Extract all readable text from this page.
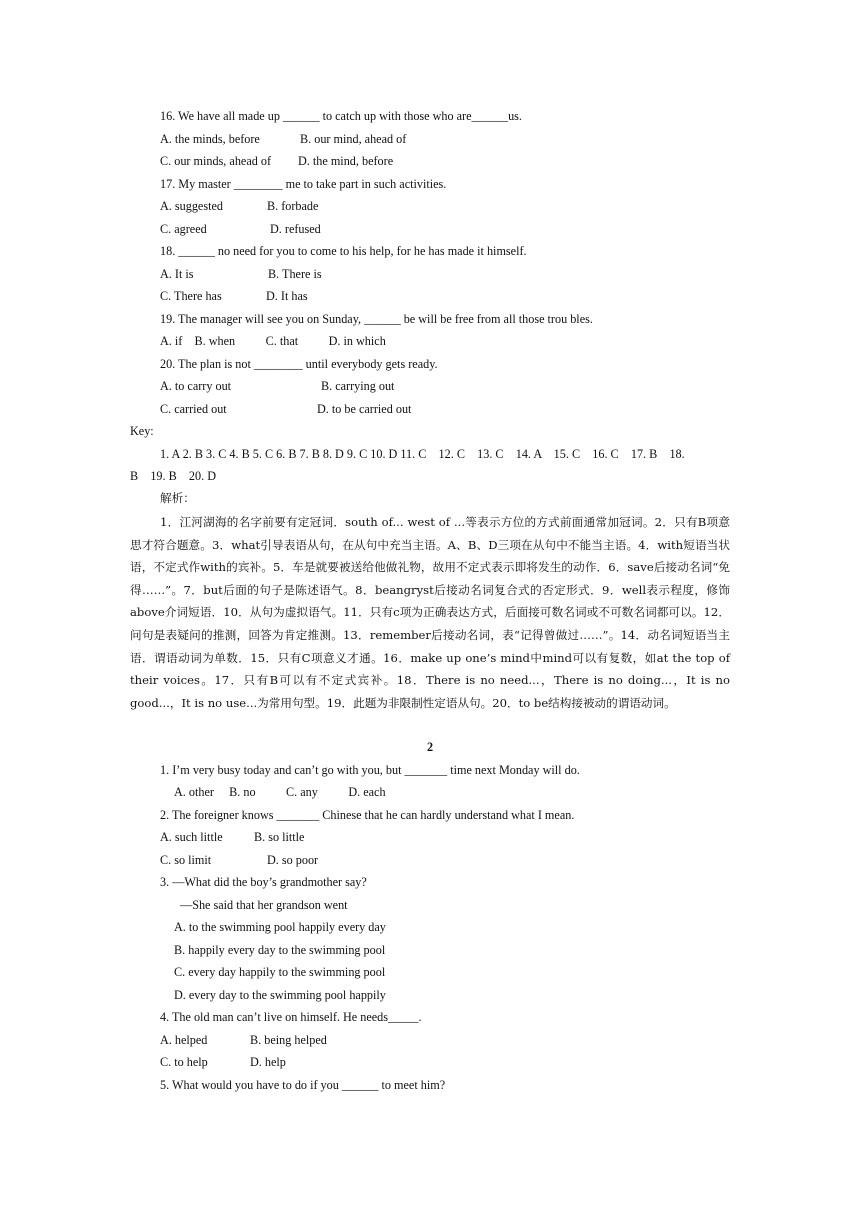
16. We have all made up ______ to catch up with those who are______us.
A. the minds, before	B. our mind, ahead of
C. our minds, ahead of D. the mind, before
17. My master ________ me to take part in such activities.
A. suggested	B. forbade
C. agreed	D. refused
18. ______ no need for you to come to his help, for he has made it himself.
A. It is	B. There is
C. There has	D. It has
19. The manager will see you on Sunday, ______ be will be free from all those trou bles.
A. if    B. when          C. that          D. in which
20. The plan is not ________ until everybody gets ready.
A. to carry out	B. carrying out
C. carried out	D. to be carried out
Key:
1. A 2. B 3. C 4. B 5. C 6. B 7. B 8. D 9. C 10. D 11. C    12. C    13. C    14. A    15. C    16. C    17. B    18.
B    19. B    20. D
解析：
1．江河湖海的名字前要有定冠词．south of... west of ...等表示方位的方式前面通常加冠词。2．只有B项意思才符合题意。3．what引导表语从句，在从句中充当主语。A、B、D三项在从句中不能当主语。4．with短语当状语，不定式作with的宾补。5．车是就要被送给他做礼物，故用不定式表示即将发生的动作．6．save后接动名词“免得……”。7．but后面的句子是陈述语气。8．beangryst后接动名词复合式的否定形式．9．well表示程度，修饰above介词短语．10．从句为虚拟语气。11．只有c项为正确表达方式，后面接可数名词或不可数名词都可以。12．问句是表疑问的推测，回答为肯定推测。13．remember后接动名词，表“记得曾做过……”。14．动名词短语当主语．谓语动词为单数．15．只有C项意义才通。16．make up one’s mind中mind可以有复数，如at the top of their voices。17．只有B可以有不定式宾补。18．There is no need...，There is no doing...，It is no good...，It is no use...为常用句型。19．此题为非限制性定语从句。20．to be结构接被动的谓语动词。
2
1. I’m very busy today and can’t go with you, but _______ time next Monday will do.
A. other     B. no          C. any          D. each
2. The foreigner knows _______ Chinese that he can hardly understand what I mean.
A. such little	B. so little
C. so limit	D. so poor
3. —What did the boy’s grandmother say?
—She said that her grandson went
A. to the swimming pool happily every day
B. happily every day to the swimming pool
C. every day happily to the swimming pool
D. every day to the swimming pool happily
4. The old man can’t live on himself. He needs_____.
A. helped	B. being helped
C. to help	D. help
5. What would you have to do if you ______ to meet him?
